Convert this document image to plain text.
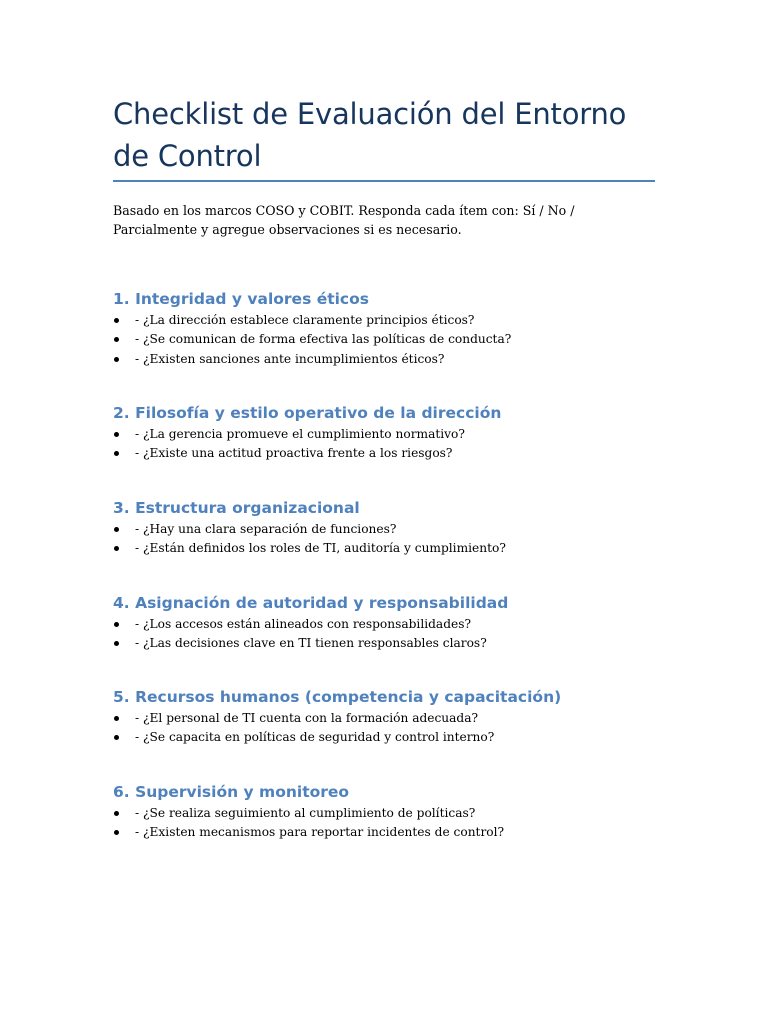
Checklist de Evaluación del Entorno de Control

Basado en los marcos COSO y COBIT. Responda cada ítem con: Sí / No / Parcialmente y agregue observaciones si es necesario.

1. Integridad y valores éticos
- ¿La dirección establece claramente principios éticos?
- ¿Se comunican de forma efectiva las políticas de conducta?
- ¿Existen sanciones ante incumplimientos éticos?
2. Filosofía y estilo operativo de la dirección
- ¿La gerencia promueve el cumplimiento normativo?
- ¿Existe una actitud proactiva frente a los riesgos?
3. Estructura organizacional
- ¿Hay una clara separación de funciones?
- ¿Están definidos los roles de TI, auditoría y cumplimiento?
4. Asignación de autoridad y responsabilidad
- ¿Los accesos están alineados con responsabilidades?
- ¿Las decisiones clave en TI tienen responsables claros?
5. Recursos humanos (competencia y capacitación)
- ¿El personal de TI cuenta con la formación adecuada?
- ¿Se capacita en políticas de seguridad y control interno?
6. Supervisión y monitoreo
- ¿Se realiza seguimiento al cumplimiento de políticas?
- ¿Existen mecanismos para reportar incidentes de control?
